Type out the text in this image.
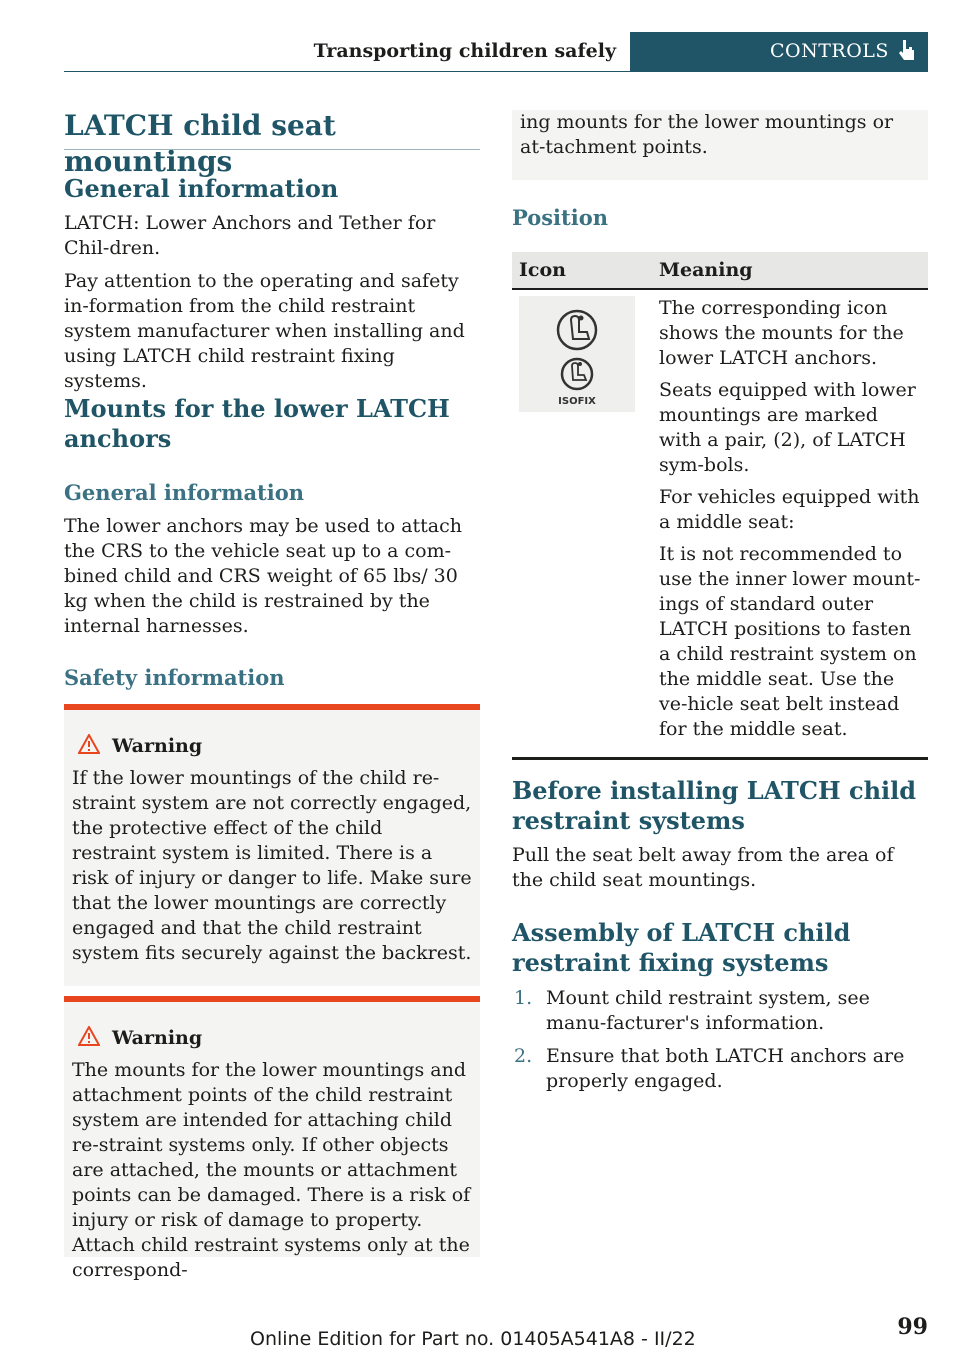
Transporting children safely	CONTROLS
LATCH child seat mountings
General information

LATCH: Lower Anchors and Tether for Chil-dren.

Pay attention to the operating and safety in-formation from the child restraint system manufacturer when installing and using LATCH child restraint fixing systems.

Mounts for the lower LATCH anchors
General information

The lower anchors may be used to attach the CRS to the vehicle seat up to a com-bined child and CRS weight of 65 lbs/ 30 kg when the child is restrained by the internal harnesses.

Safety information
Warning
If the lower mountings of the child re-straint system are not correctly engaged, the protective effect of the child restraint system is limited. There is a risk of injury or danger to life. Make sure that the lower mountings are correctly engaged and that the child restraint system fits securely against the backrest.
Warning
The mounts for the lower mountings and attachment points of the child restraint system are intended for attaching child re-straint systems only. If other objects are attached, the mounts or attachment points can be damaged. There is a risk of injury or risk of damage to property. Attach child restraint systems only at the correspond-
ing mounts for the lower mountings or at-tachment points.
Position
Icon	Meaning

ISOFIX	The corresponding icon shows the mounts for the lower LATCH anchors.

Seats equipped with lower mountings are marked with a pair, (2), of LATCH sym-bols.

For vehicles equipped with a middle seat:

It is not recommended to use the inner lower mount-ings of standard outer LATCH positions to fasten a child restraint system on the middle seat. Use the ve-hicle seat belt instead for the middle seat.

Before installing LATCH child restraint systems

Pull the seat belt away from the area of the child seat mountings.

Assembly of LATCH child restraint fixing systems
1. Mount child restraint system, see manu-facturer's information.
2. Ensure that both LATCH anchors are properly engaged.
99
Online Edition for Part no. 01405A541A8 - II/22
